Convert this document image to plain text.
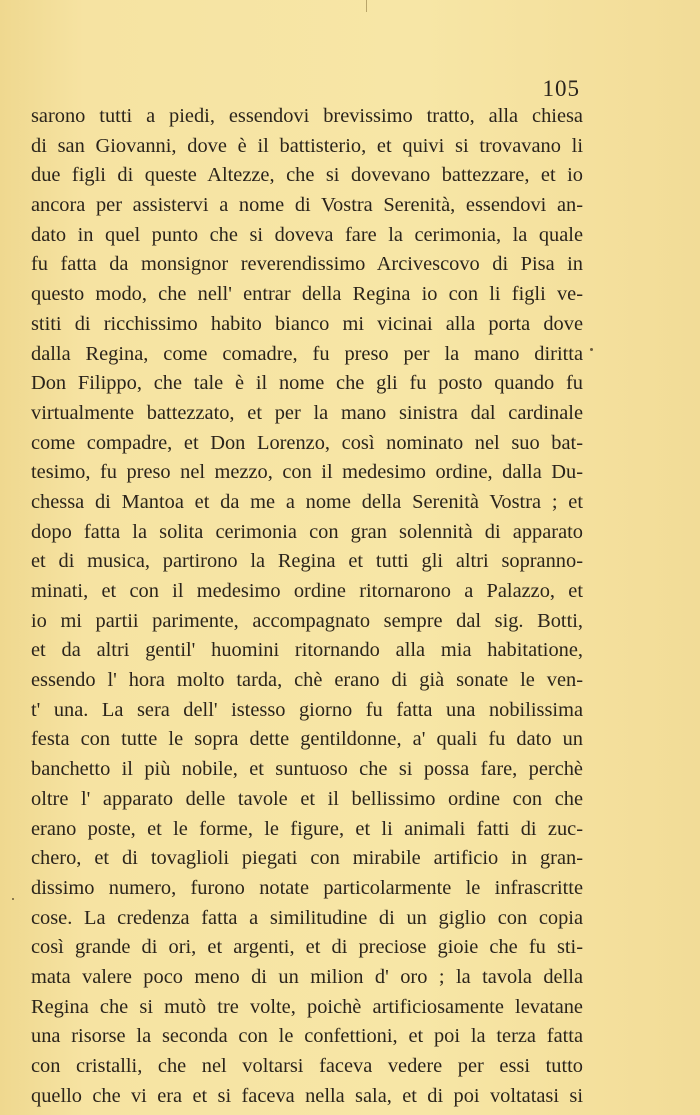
105
sarono tutti a piedi, essendovi brevissimo tratto, alla chiesa
di san Giovanni, dove è il battisterio, et quivi si trovavano li
due figli di queste Altezze, che si dovevano battezzare, et io
ancora per assistervi a nome di Vostra Serenità, essendovi an-
dato in quel punto che si doveva fare la cerimonia, la quale
fu fatta da monsignor reverendissimo Arcivescovo di Pisa in
questo modo, che nell' entrar della Regina io con li figli ve-
stiti di ricchissimo habito bianco mi vicinai alla porta dove
dalla Regina, come comadre, fu preso per la mano diritta
Don Filippo, che tale è il nome che gli fu posto quando fu
virtualmente battezzato, et per la mano sinistra dal cardinale
come compadre, et Don Lorenzo, così nominato nel suo bat-
tesimo, fu preso nel mezzo, con il medesimo ordine, dalla Du-
chessa di Mantoa et da me a nome della Serenità Vostra ; et
dopo fatta la solita cerimonia con gran solennità di apparato
et di musica, partirono la Regina et tutti gli altri sopranno-
minati, et con il medesimo ordine ritornarono a Palazzo, et
io mi partii parimente, accompagnato sempre dal sig. Botti,
et da altri gentil' huomini ritornando alla mia habitatione,
essendo l' hora molto tarda, chè erano di già sonate le ven-
t' una. La sera dell' istesso giorno fu fatta una nobilissima
festa con tutte le sopra dette gentildonne, a' quali fu dato un
banchetto il più nobile, et suntuoso che si possa fare, perchè
oltre l' apparato delle tavole et il bellissimo ordine con che
erano poste, et le forme, le figure, et li animali fatti di zuc-
chero, et di tovaglioli piegati con mirabile artificio in gran-
dissimo numero, furono notate particolarmente le infrascritte
cose. La credenza fatta a similitudine di un giglio con copia
così grande di ori, et argenti, et di preciose gioie che fu sti-
mata valere poco meno di un milion d' oro ; la tavola della
Regina che si mutò tre volte, poichè artificiosamente levatane
una risorse la seconda con le confettioni, et poi la terza fatta
con cristalli, che nel voltarsi faceva vedere per essi tutto
quello che vi era et si faceva nella sala, et di poi voltatasi si
